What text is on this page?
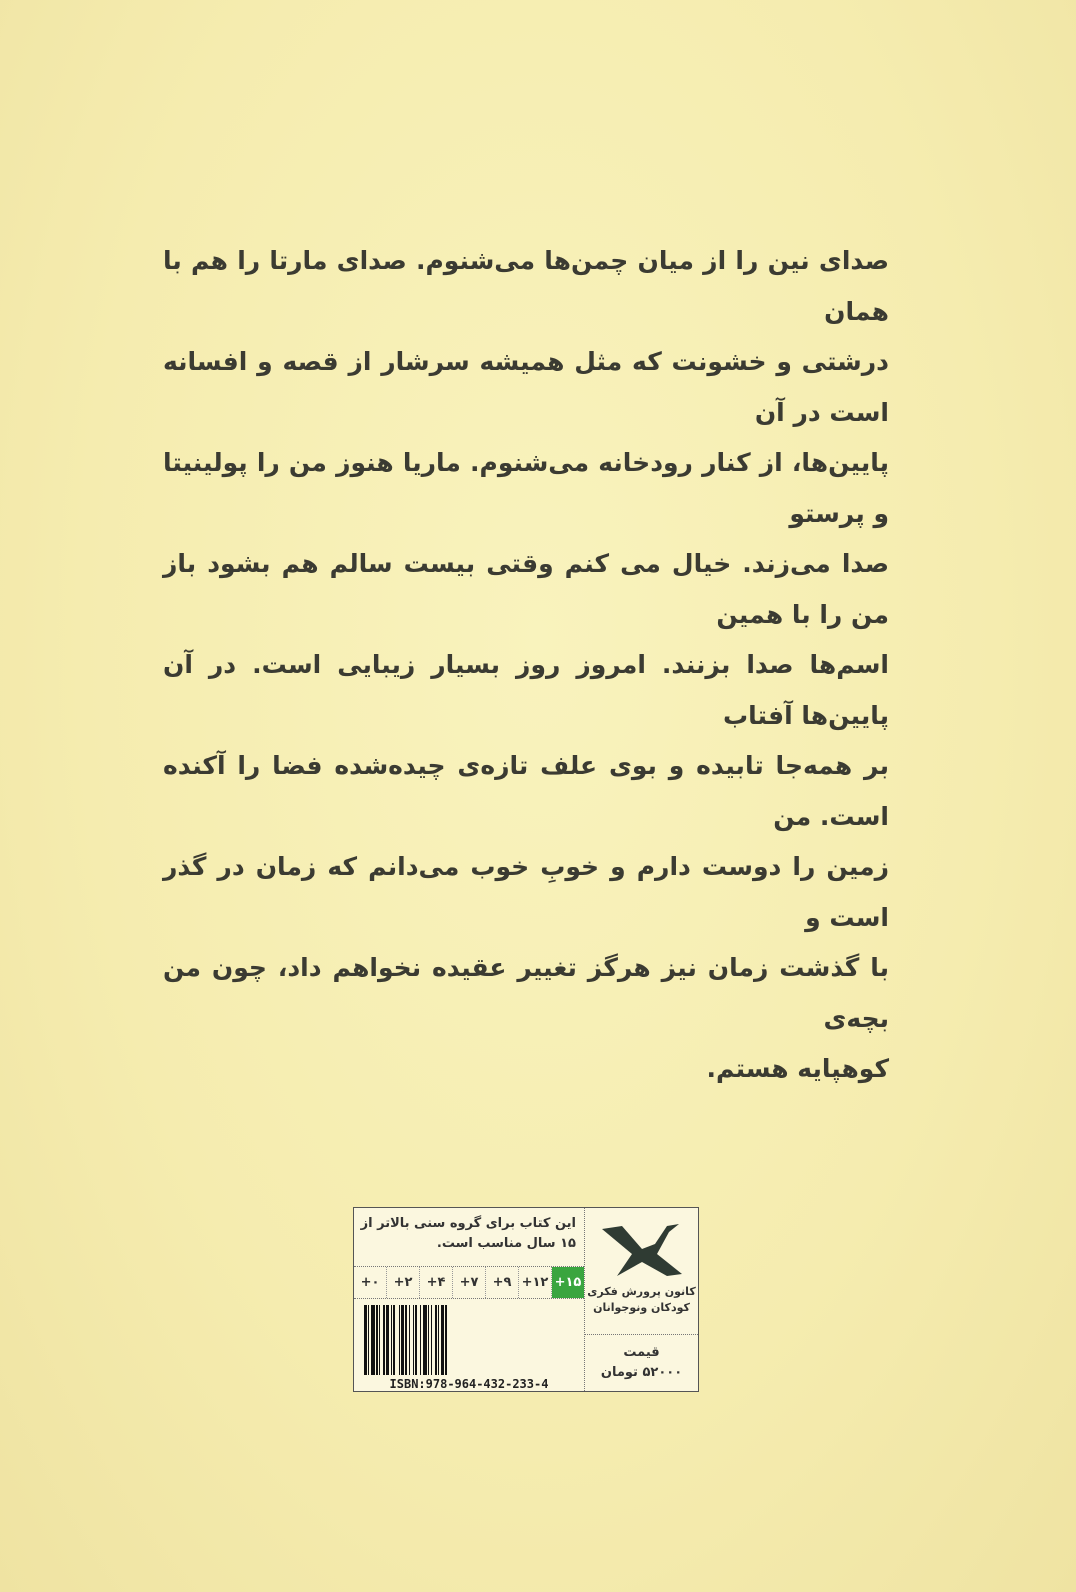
صدای نین را از میان چمن‌ها می‌شنوم. صدای مارتا را هم با همان
درشتی و خشونت که مثل همیشه سرشار از قصه و افسانه است در آن
پایین‌ها، از کنار رودخانه می‌شنوم. ماریا هنوز من را پولینیتا و پرستو
صدا می‌زند. خیال می کنم وقتی بیست سالم هم بشود باز من را با همین
اسم‌ها صدا بزنند. امروز روز بسیار زیبایی است. در آن پایین‌ها آفتاب
بر همه‌جا تابیده و بوی علف تازه‌ی چیده‌شده فضا را آکنده است. من
زمین را دوست دارم و خوبِ خوب می‌دانم که زمان در گذر است و
با گذشت زمان نیز هرگز تغییر عقیده نخواهم داد، چون من بچه‌ی
کوهپایه هستم.
این کتاب برای گروه سنی بالاتر از ۱۵ سال مناسب است.
+۰	+۲	+۴	+۷	+۹ +۱۲ +۱۵
ISBN:978-964-432-233-4
کانون پرورش فکری
کودکان ونوجوانان
قیمت
۵۲۰۰۰ تومان
